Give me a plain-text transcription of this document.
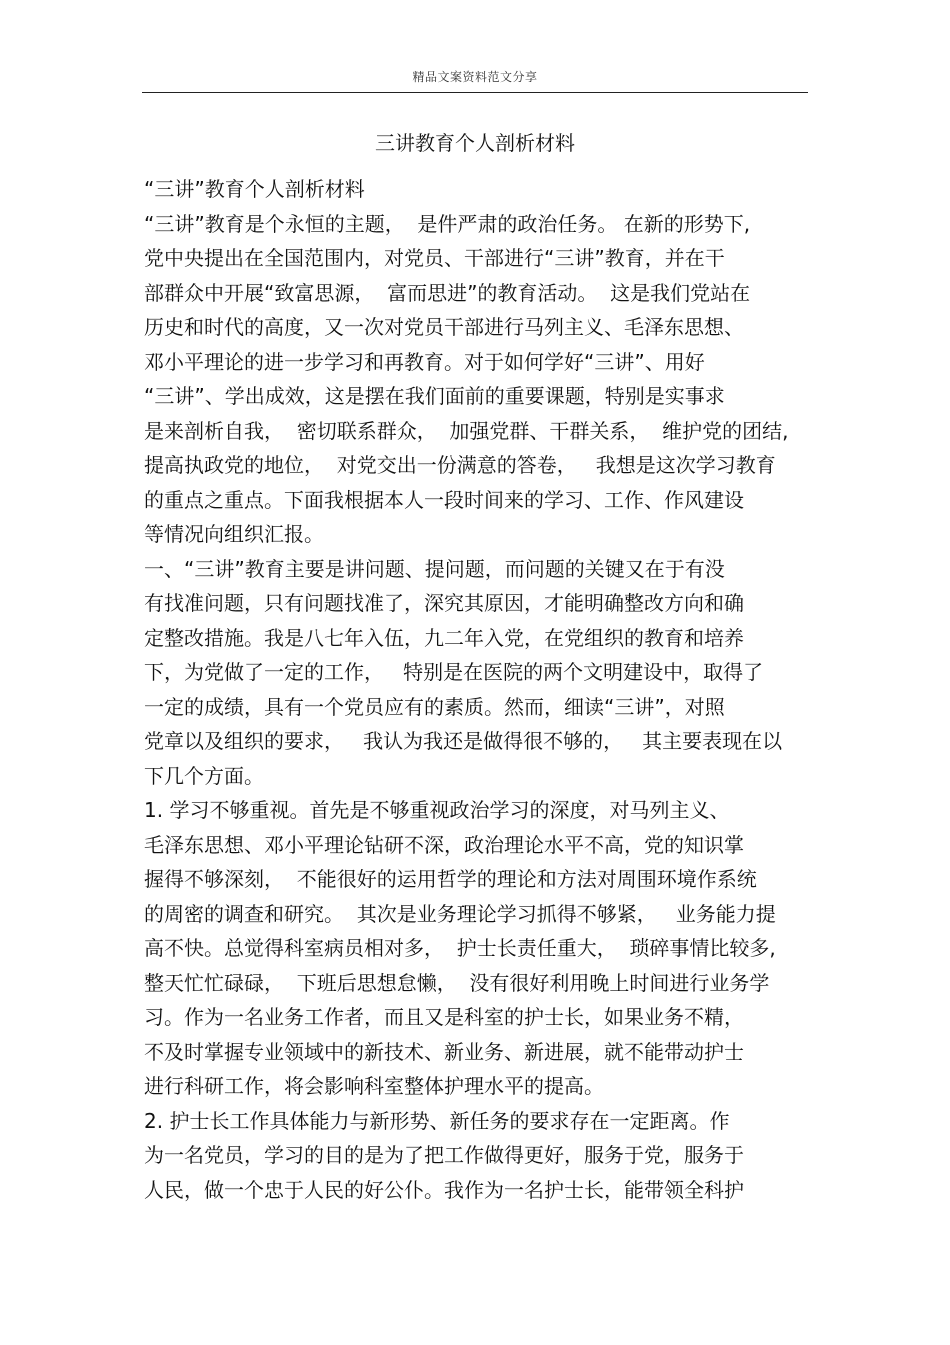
精品文案资料范文分享
三讲教育个人剖析材料
“三讲”教育个人剖析材料
“三讲”教育是个永恒的主题，  是件严肃的政治任务。 在新的形势下,
党中央提出在全国范围内，对党员、干部进行“三讲”教育，并在干
部群众中开展“致富思源，  富而思进”的教育活动。  这是我们党站在
历史和时代的高度，又一次对党员干部进行马列主义、毛泽东思想、
邓小平理论的进一步学习和再教育。对于如何学好“三讲”、用好
“三讲”、学出成效，这是摆在我们面前的重要课题，特别是实事求
是来剖析自我，  密切联系群众，  加强党群、干群关系，  维护党的团结,
提高执政党的地位，  对党交出一份满意的答卷，   我想是这次学习教育
的重点之重点。下面我根据本人一段时间来的学习、工作、作风建设
等情况向组织汇报。
一、“三讲”教育主要是讲问题、提问题，而问题的关键又在于有没
有找准问题，只有问题找准了，深究其原因，才能明确整改方向和确
定整改措施。我是八七年入伍，九二年入党，在党组织的教育和培养
下，为党做了一定的工作，   特别是在医院的两个文明建设中，取得了
一定的成绩，具有一个党员应有的素质。然而，细读“三讲”，对照
党章以及组织的要求，   我认为我还是做得很不够的，   其主要表现在以
下几个方面。
1. 学习不够重视。首先是不够重视政治学习的深度，对马列主义、
毛泽东思想、邓小平理论钻研不深，政治理论水平不高，党的知识掌
握得不够深刻，  不能很好的运用哲学的理论和方法对周围环境作系统
的周密的调查和研究。  其次是业务理论学习抓得不够紧，   业务能力提
高不快。总觉得科室病员相对多，  护士长责任重大，  琐碎事情比较多,
整天忙忙碌碌，  下班后思想怠懒，  没有很好利用晚上时间进行业务学
习。作为一名业务工作者，而且又是科室的护士长，如果业务不精，
不及时掌握专业领域中的新技术、新业务、新进展，就不能带动护士
进行科研工作，将会影响科室整体护理水平的提高。
2. 护士长工作具体能力与新形势、新任务的要求存在一定距离。作
为一名党员，学习的目的是为了把工作做得更好，服务于党，服务于
人民，做一个忠于人民的好公仆。我作为一名护士长，能带领全科护
